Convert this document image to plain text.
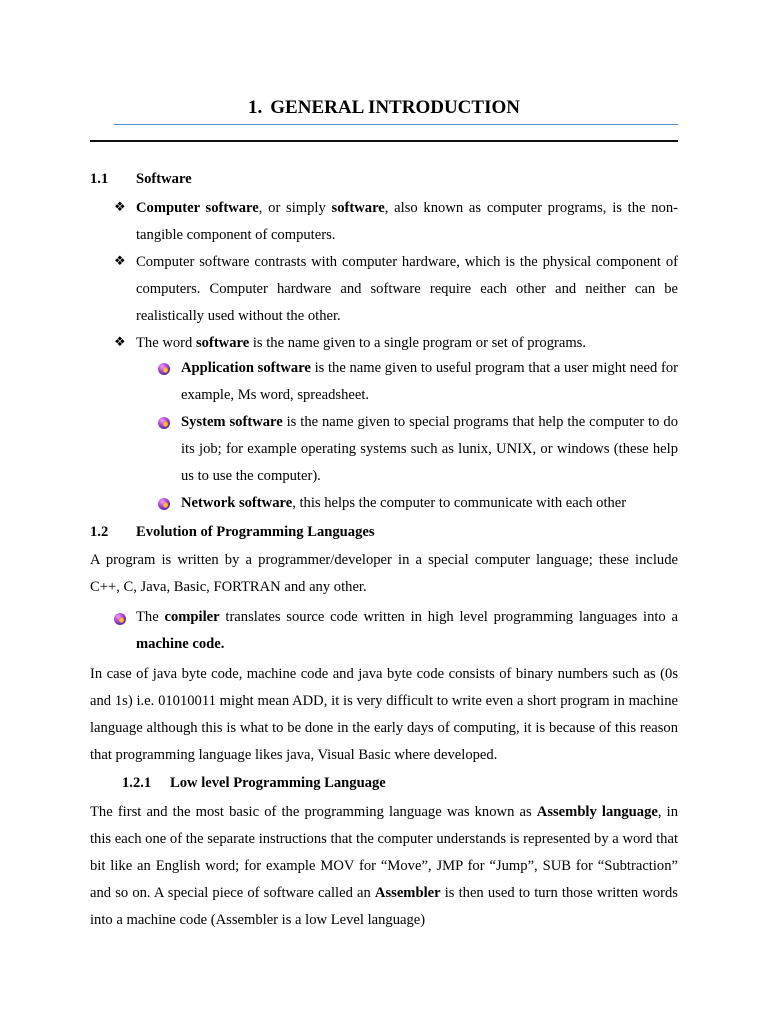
1. GENERAL INTRODUCTION
1.1 Software
❖ Computer software, or simply software, also known as computer programs, is the non-tangible component of computers.

❖ Computer software contrasts with computer hardware, which is the physical component of computers. Computer hardware and software require each other and neither can be realistically used without the other.

❖ The word software is the name given to a single program or set of programs.

Application software is the name given to useful program that a user might need for example, Ms word, spreadsheet.

System software is the name given to special programs that help the computer to do its job; for example operating systems such as lunix, UNIX, or windows (these help us to use the computer).

Network software, this helps the computer to communicate with each other

1.2 Evolution of Programming Languages

A program is written by a programmer/developer in a special computer language; these include C++, C, Java, Basic, FORTRAN and any other.

The compiler translates source code written in high level programming languages into a machine code.

In case of java byte code, machine code and java byte code consists of binary numbers such as (0s and 1s) i.e. 01010011 might mean ADD, it is very difficult to write even a short program in machine language although this is what to be done in the early days of computing, it is because of this reason that programming language likes java, Visual Basic where developed.

1.2.1 Low level Programming Language

The first and the most basic of the programming language was known as Assembly language, in this each one of the separate instructions that the computer understands is represented by a word that bit like an English word; for example MOV for “Move”, JMP for “Jump”, SUB for “Subtraction” and so on. A special piece of software called an Assembler is then used to turn those written words into a machine code (Assembler is a low Level language)
